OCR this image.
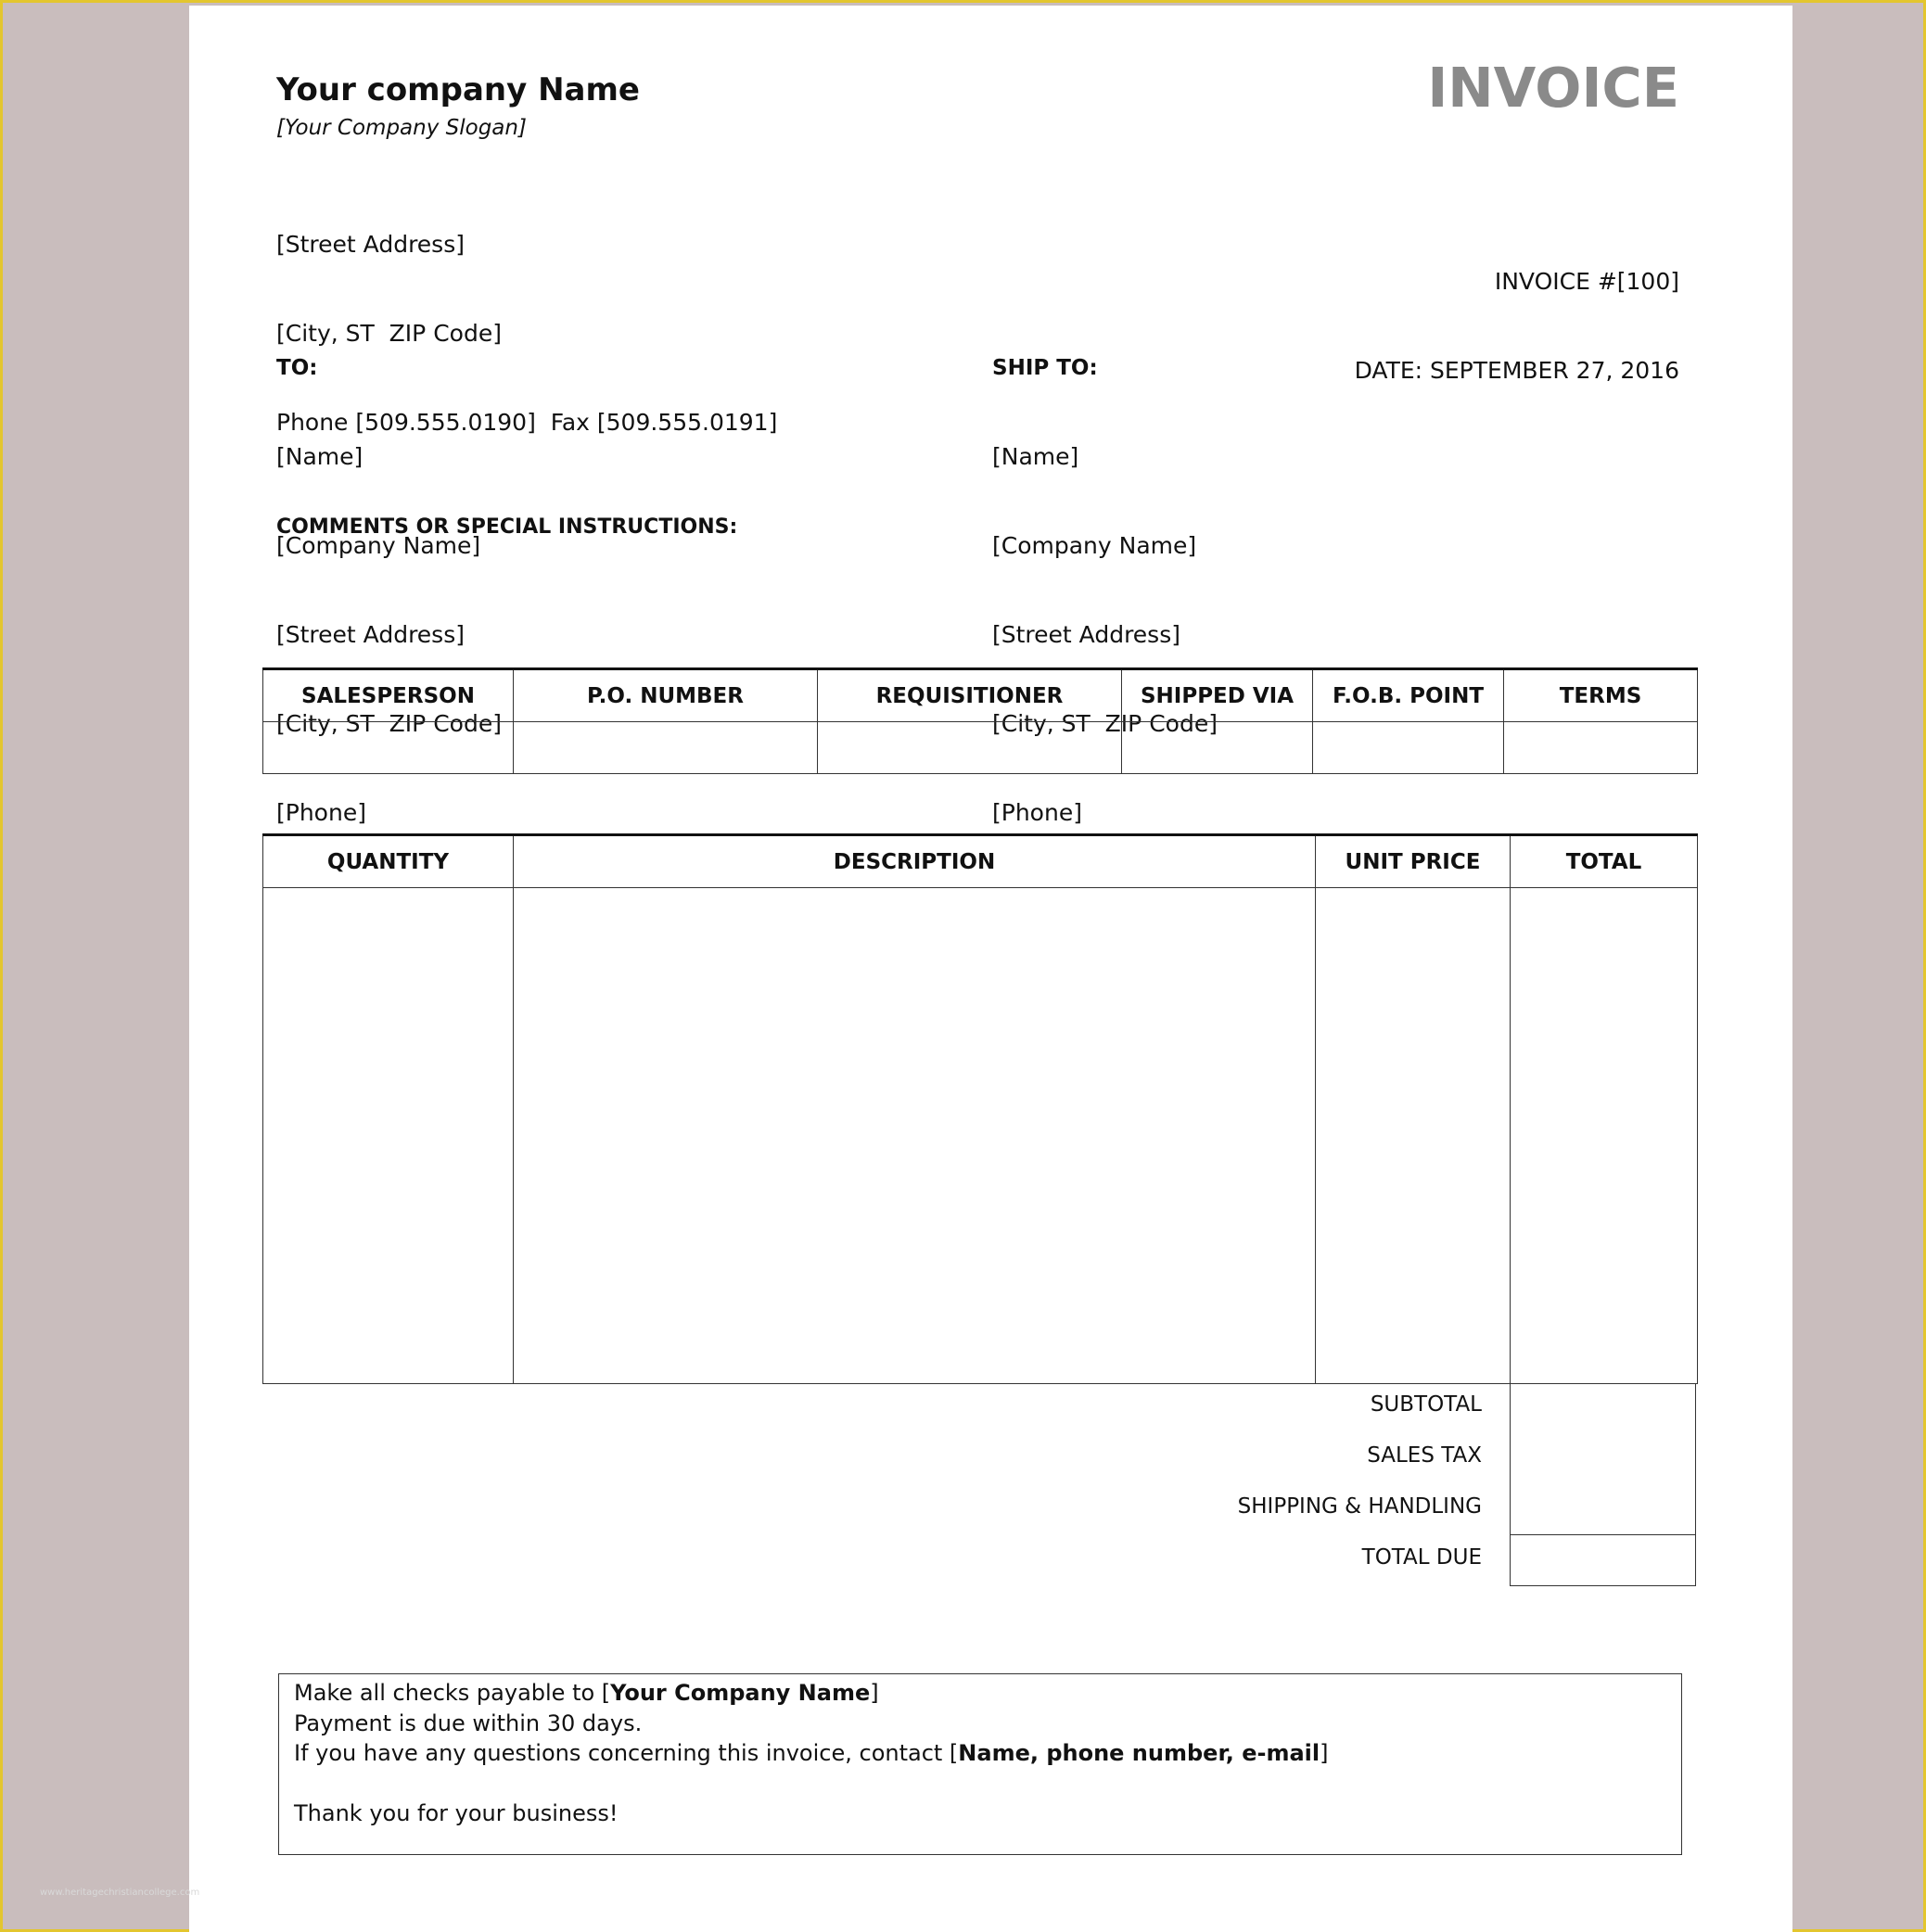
Your company Name
[Your Company Slogan]

[Street Address]

[City, ST  ZIP Code]

Phone [509.555.0190]  Fax [509.555.0191]

INVOICE

INVOICE #[100]

DATE: SEPTEMBER 27, 2016

TO:

[Name]

[Company Name]

[Street Address]

[City, ST  ZIP Code]

[Phone]

SHIP TO:

[Name]

[Company Name]

[Street Address]

[City, ST  ZIP Code]

[Phone]

COMMENTS OR SPECIAL INSTRUCTIONS:
SALESPERSON	P.O. NUMBER	REQUISITIONER	SHIPPED VIA	F.O.B. POINT	TERMS

QUANTITY	DESCRIPTION	UNIT PRICE	TOTAL

SUBTOTAL
SALES TAX
SHIPPING & HANDLING
TOTAL DUE
Make all checks payable to [Your Company Name]
Payment is due within 30 days.
If you have any questions concerning this invoice, contact [Name, phone number, e-mail]
Thank you for your business!
www.heritagechristiancollege.com
